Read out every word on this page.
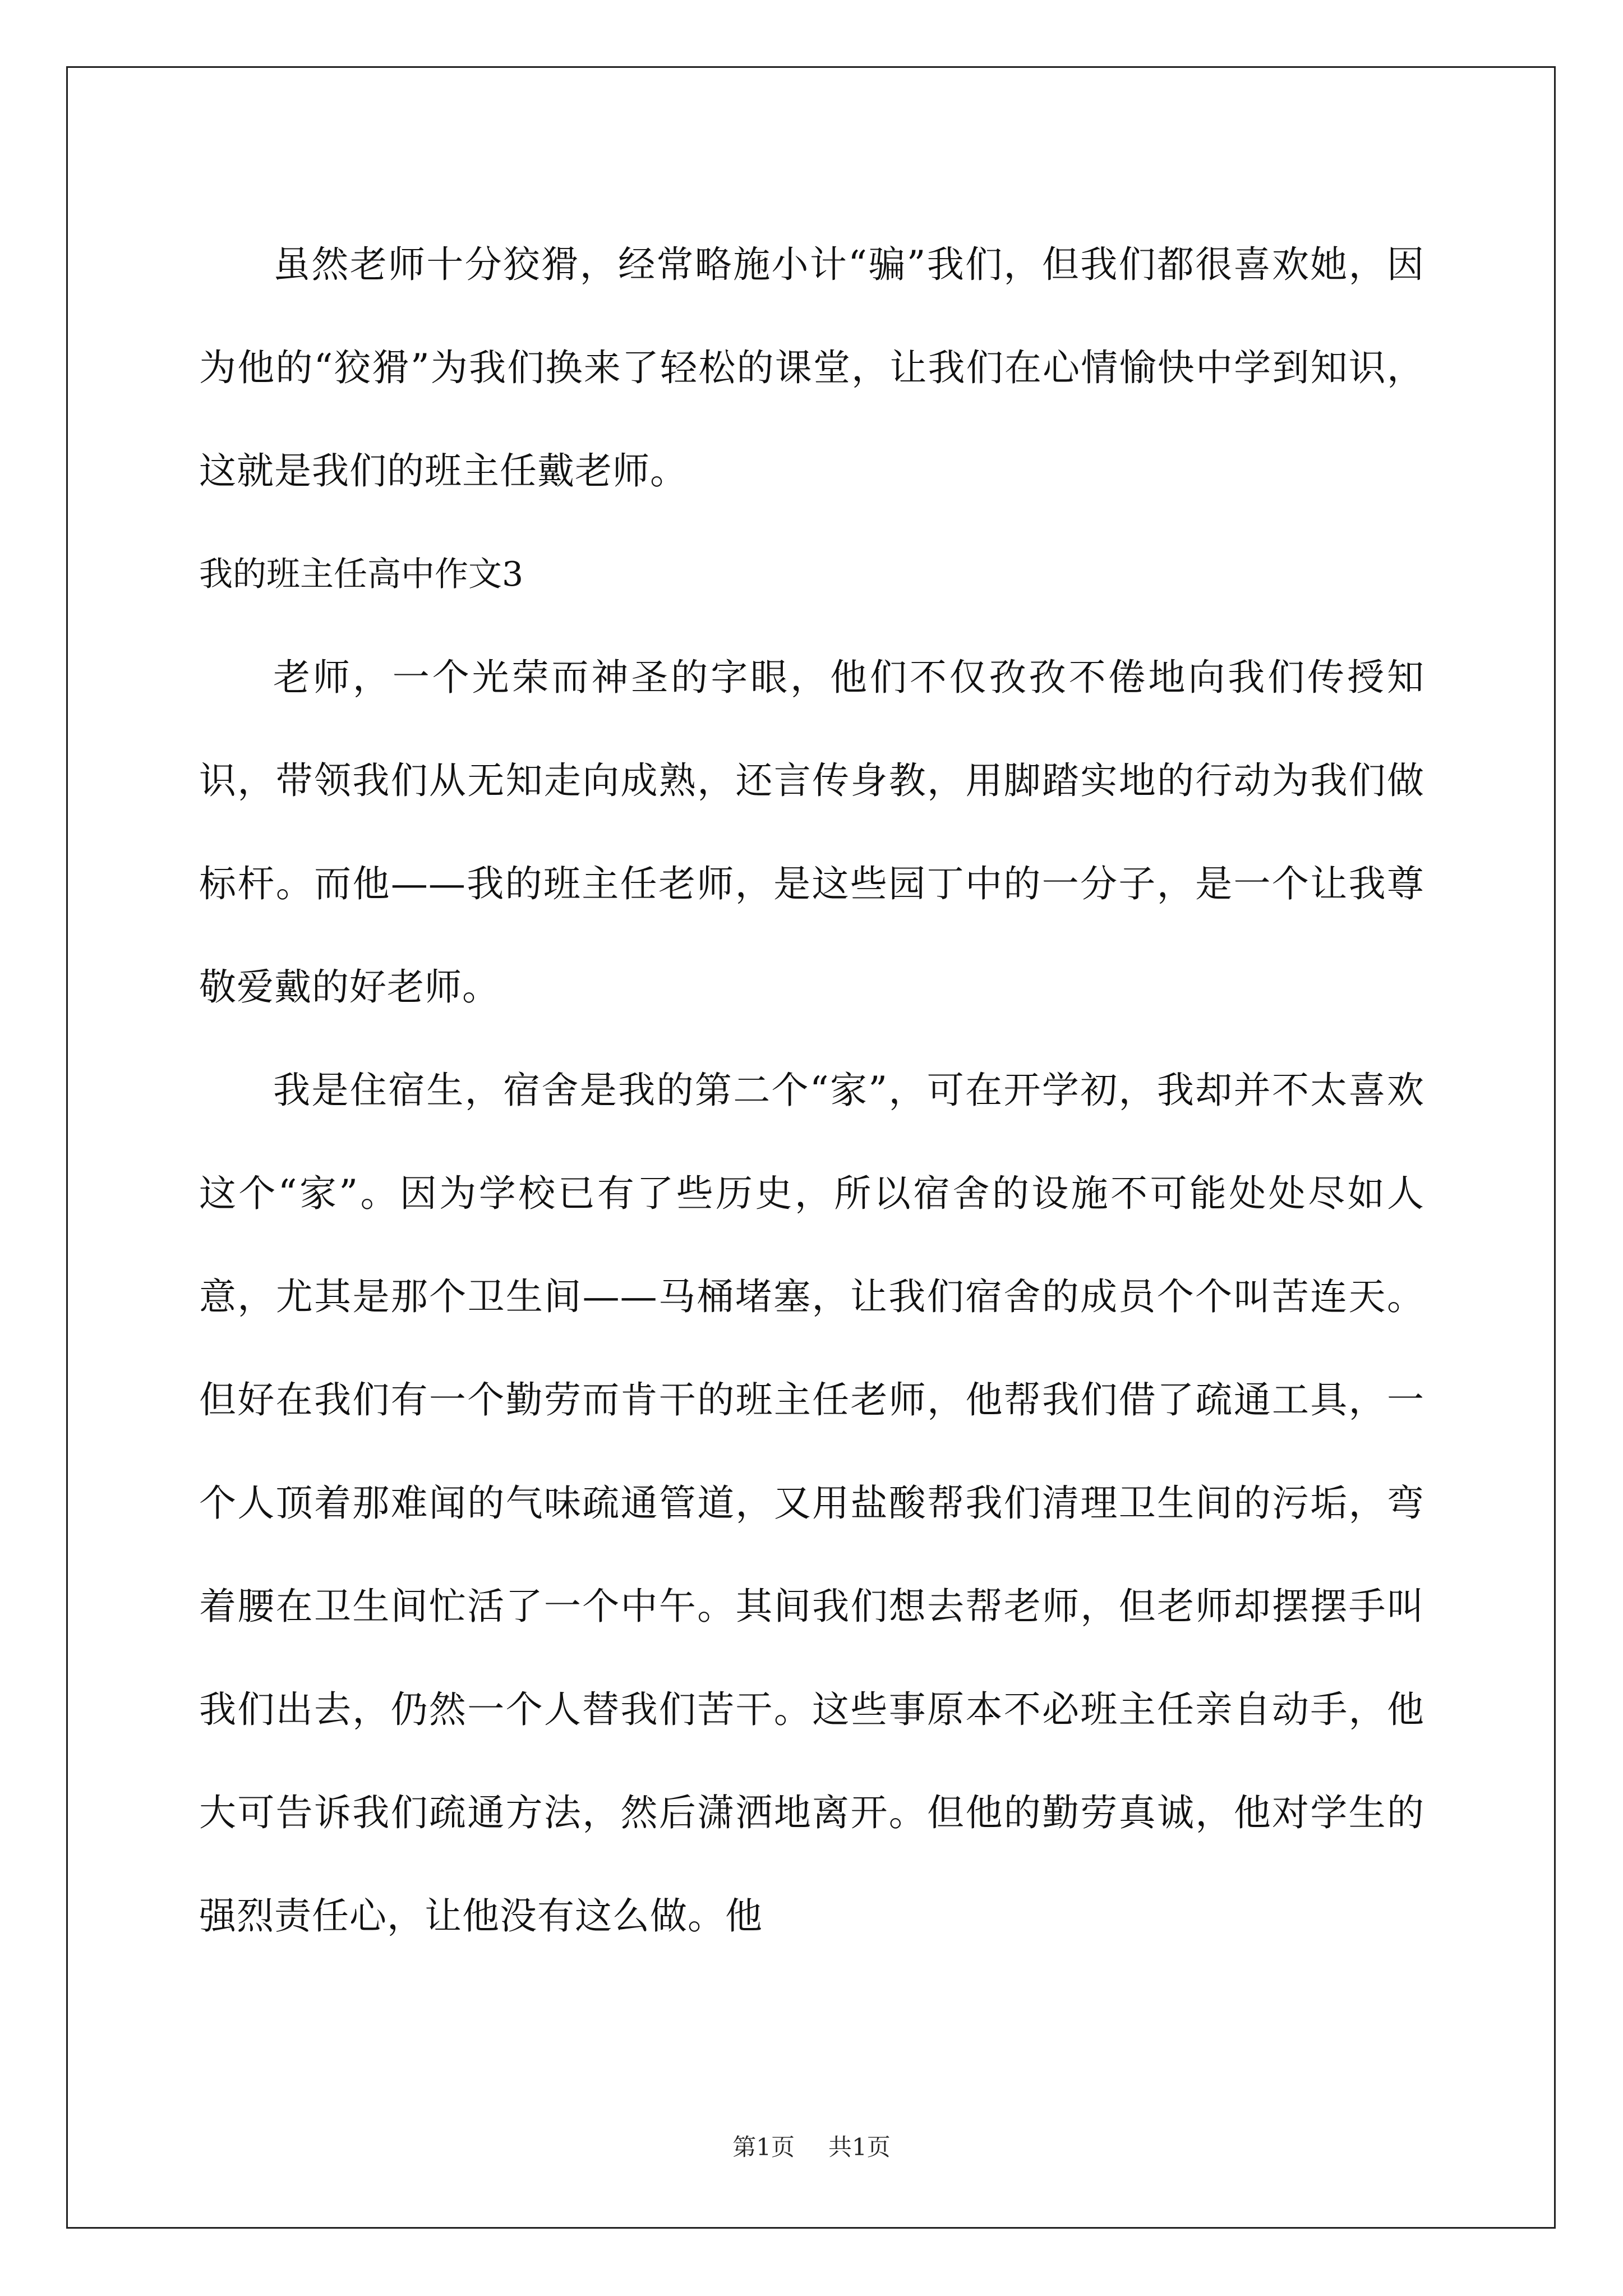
虽然老师十分狡猾，经常略施小计“骗”我们，但我们都很喜欢她，因为他的“狡猾”为我们换来了轻松的课堂，让我们在心情愉快中学到知识，这就是我们的班主任戴老师。

我的班主任高中作文3

老师，一个光荣而神圣的字眼，他们不仅孜孜不倦地向我们传授知识，带领我们从无知走向成熟，还言传身教，用脚踏实地的行动为我们做标杆。而他——我的班主任老师，是这些园丁中的一分子，是一个让我尊敬爱戴的好老师。

我是住宿生，宿舍是我的第二个“家”，可在开学初，我却并不太喜欢这个“家”。因为学校已有了些历史，所以宿舍的设施不可能处处尽如人意，尤其是那个卫生间——马桶堵塞，让我们宿舍的成员个个叫苦连天。但好在我们有一个勤劳而肯干的班主任老师，他帮我们借了疏通工具，一个人顶着那难闻的气味疏通管道，又用盐酸帮我们清理卫生间的污垢，弯着腰在卫生间忙活了一个中午。其间我们想去帮老师，但老师却摆摆手叫我们出去，仍然一个人替我们苦干。这些事原本不必班主任亲自动手，他大可告诉我们疏通方法，然后潇洒地离开。但他的勤劳真诚，他对学生的强烈责任心，让他没有这么做。他

第1页 共1页
